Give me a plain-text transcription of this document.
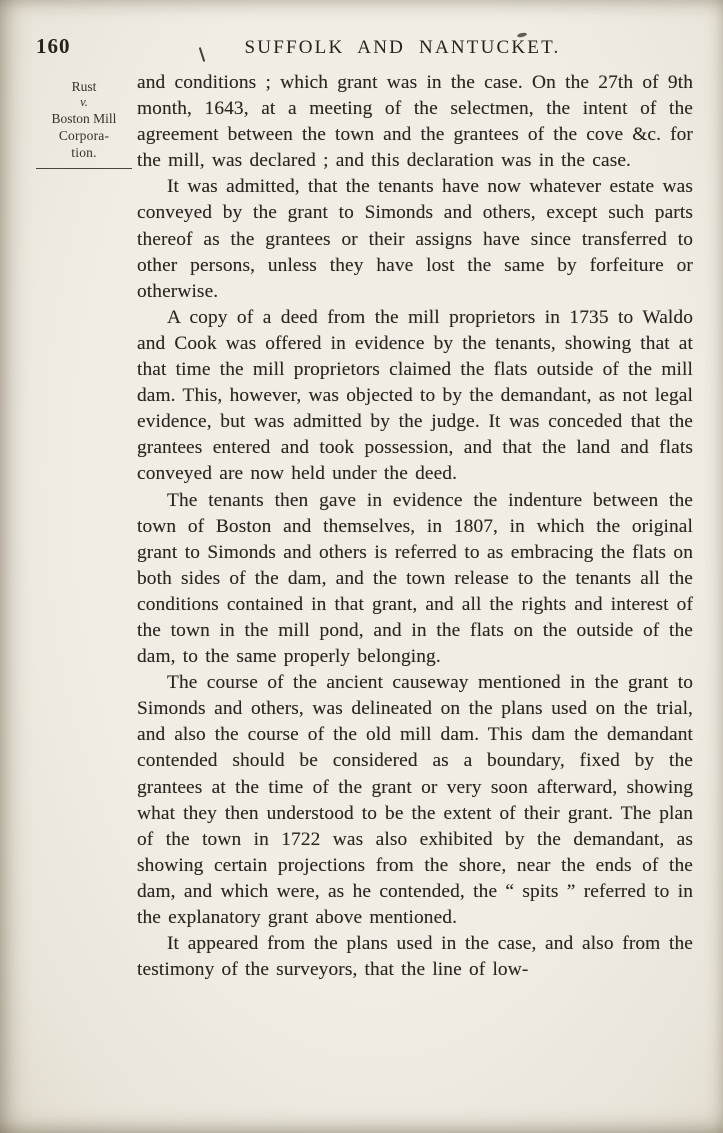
160	SUFFOLK AND NANTUCKET.
Rust
v.
Boston Mill
Corpora-
tion.

and conditions ; which grant was in the case. On the 27th of 9th month, 1643, at a meeting of the selectmen, the intent of the agreement between the town and the grantees of the cove &c. for the mill, was declared ; and this declaration was in the case.

It was admitted, that the tenants have now whatever estate was conveyed by the grant to Simonds and others, except such parts thereof as the grantees or their assigns have since transferred to other persons, unless they have lost the same by forfeiture or otherwise.

A copy of a deed from the mill proprietors in 1735 to Waldo and Cook was offered in evidence by the tenants, showing that at that time the mill proprietors claimed the flats outside of the mill dam. This, however, was objected to by the demandant, as not legal evidence, but was admitted by the judge. It was conceded that the grantees entered and took possession, and that the land and flats conveyed are now held under the deed.

The tenants then gave in evidence the indenture between the town of Boston and themselves, in 1807, in which the original grant to Simonds and others is referred to as embracing the flats on both sides of the dam, and the town release to the tenants all the conditions contained in that grant, and all the rights and interest of the town in the mill pond, and in the flats on the outside of the dam, to the same properly belonging.

The course of the ancient causeway mentioned in the grant to Simonds and others, was delineated on the plans used on the trial, and also the course of the old mill dam. This dam the demandant contended should be considered as a boundary, fixed by the grantees at the time of the grant or very soon afterward, showing what they then understood to be the extent of their grant. The plan of the town in 1722 was also exhibited by the demandant, as showing certain projections from the shore, near the ends of the dam, and which were, as he contended, the “ spits ” referred to in the explanatory grant above mentioned.

It appeared from the plans used in the case, and also from the testimony of the surveyors, that the line of low-
